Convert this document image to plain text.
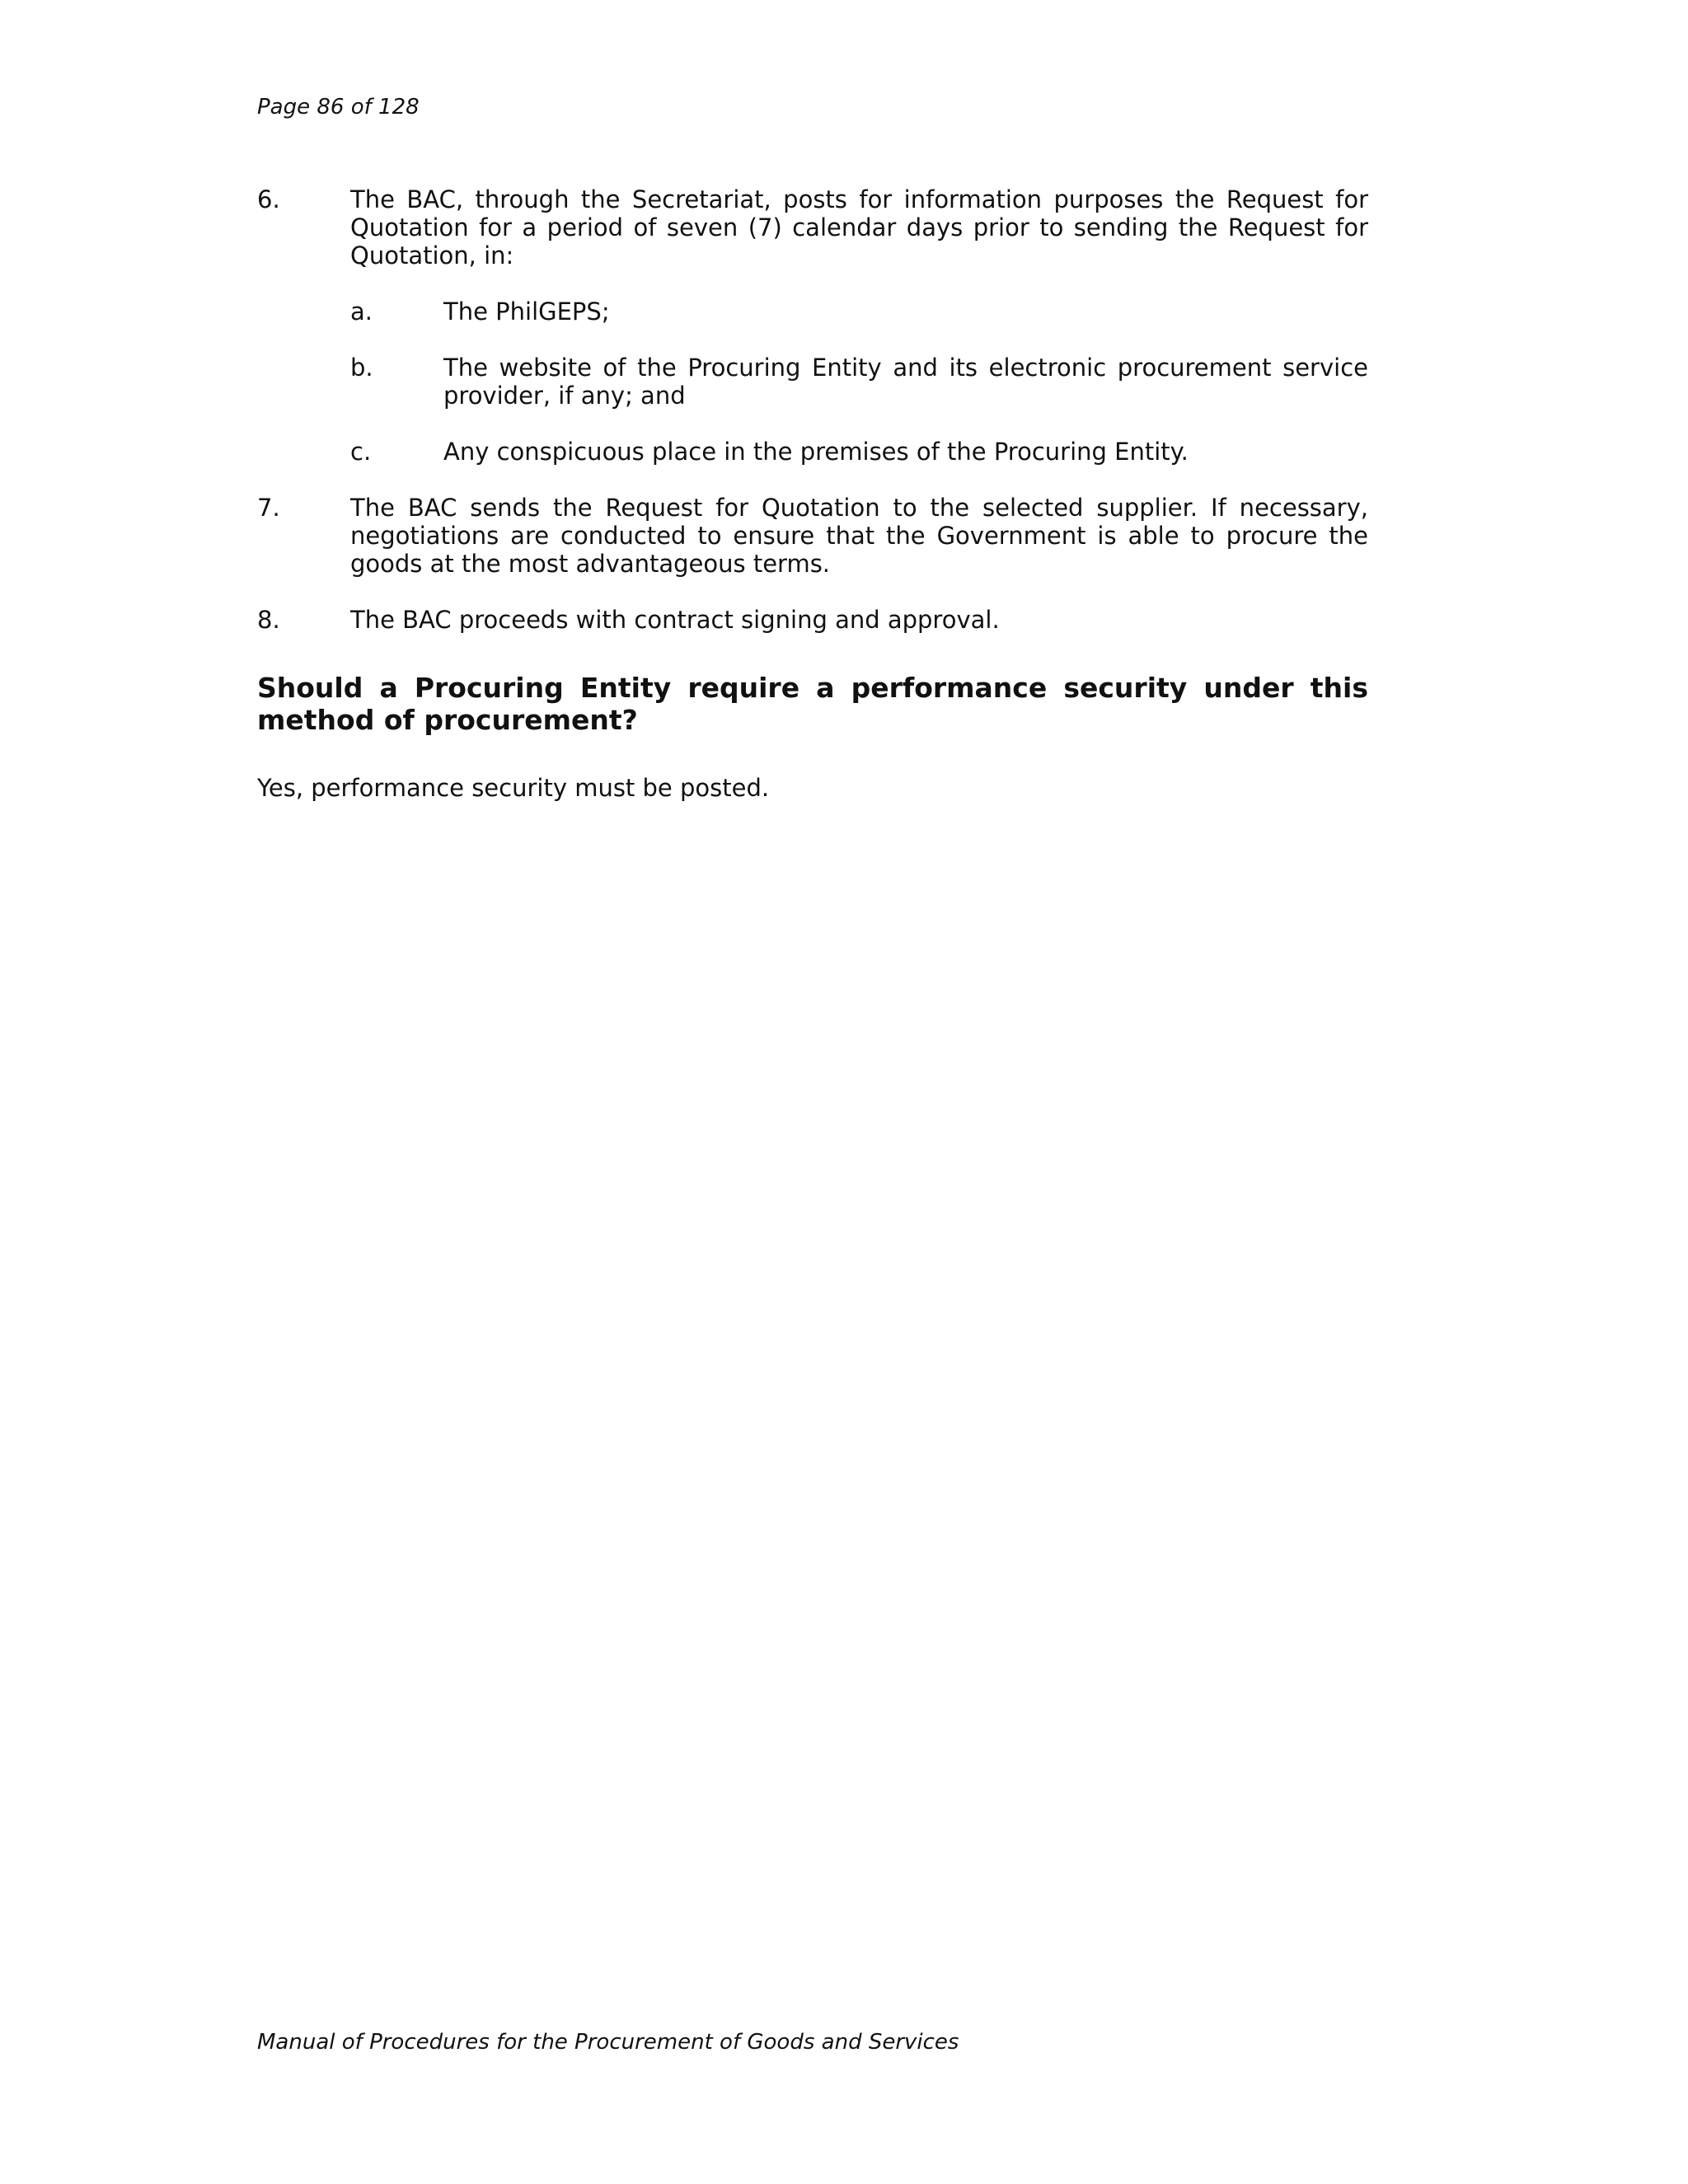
Page 86 of 128
6.	The BAC, through the Secretariat, posts for information purposes the Request for Quotation for a period of seven (7) calendar days prior to sending the Request for Quotation, in:
a.	The PhilGEPS;
b.	The website of the Procuring Entity and its electronic procurement service provider, if any; and
c.	Any conspicuous place in the premises of the Procuring Entity.
7.	The BAC sends the Request for Quotation to the selected supplier. If necessary, negotiations are conducted to ensure that the Government is able to procure the goods at the most advantageous terms.
8.	The BAC proceeds with contract signing and approval.
Should a Procuring Entity require a performance security under this method of procurement?
Yes, performance security must be posted.
Manual of Procedures for the Procurement of Goods and Services
